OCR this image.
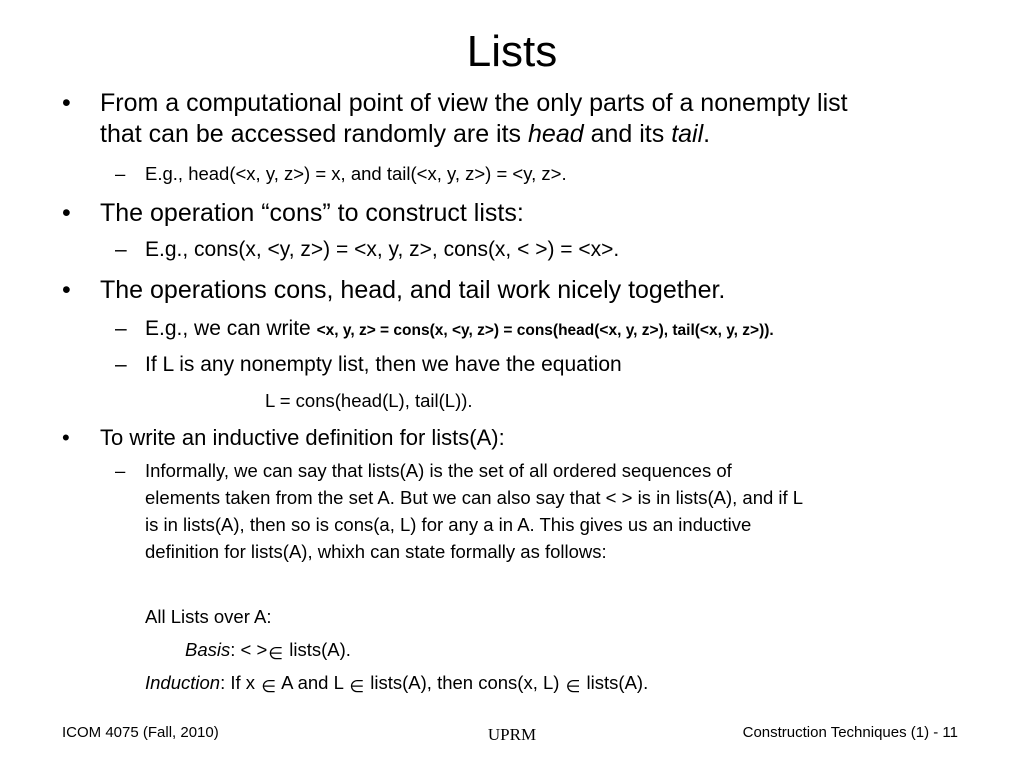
Lists
• From a computational point of view the only parts of a nonempty list
that can be accessed randomly are its head and its tail.
– E.g., head(<x, y, z>) = x, and tail(<x, y, z>) = <y, z>.
• The operation “cons” to construct lists:
– E.g., cons(x, <y, z>) = <x, y, z>, cons(x, < >) = <x>.
• The operations cons, head, and tail work nicely together.
– E.g., we can write <x, y, z> = cons(x, <y, z>) = cons(head(<x, y, z>), tail(<x, y, z>)).
– If L is any nonempty list, then we have the equation
L = cons(head(L), tail(L)).
• To write an inductive definition for lists(A):
– Informally, we can say that lists(A) is the set of all ordered sequences of
elements taken from the set A. But we can also say that < > is in lists(A), and if L
is in lists(A), then so is cons(a, L) for any a in A. This gives us an inductive
definition for lists(A), whixh can state formally as follows:
All Lists over A:
Basis: < >∈ lists(A).
Induction: If x ∈ A and L ∈ lists(A), then cons(x, L) ∈ lists(A).
ICOM 4075 (Fall, 2010)	UPRM	Construction Techniques (1) - 11
